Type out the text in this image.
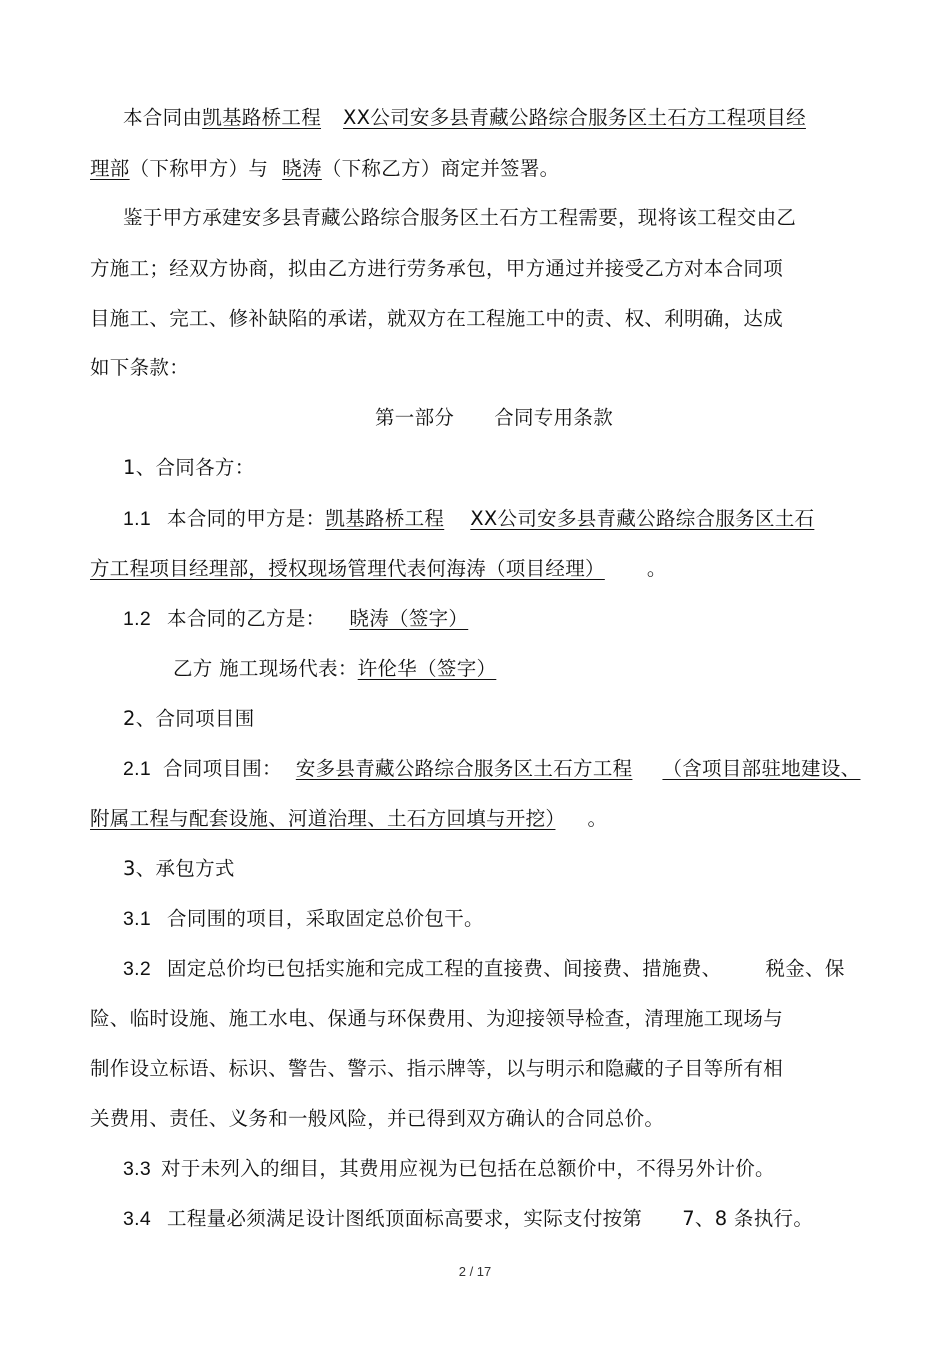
本合同由凯基路桥工程 XX公司安多县青藏公路综合服务区土石方工程项目经
理部（下称甲方）与 晓涛（下称乙方）商定并签署。
鉴于甲方承建安多县青藏公路综合服务区土石方工程需要，现将该工程交由乙
方施工；经双方协商，拟由乙方进行劳务承包，甲方通过并接受乙方对本合同项
目施工、完工、修补缺陷的承诺，就双方在工程施工中的责、权、利明确，达成
如下条款：
第一部分 合同专用条款
1、合同各方：
1.1 本合同的甲方是：凯基路桥工程 XX公司安多县青藏公路综合服务区土石
方工程项目经理部，授权现场管理代表何海涛（项目经理） 。
1.2 本合同的乙方是： 晓涛（签字）
乙方 施工现场代表：许伦华（签字）
2、合同项目围
2.1 合同项目围： 安多县青藏公路综合服务区土石方工程 （含项目部驻地建设、
附属工程与配套设施、河道治理、土石方回填与开挖） 。
3、承包方式
3.1 合同围的项目，采取固定总价包干。
3.2 固定总价均已包括实施和完成工程的直接费、间接费、措施费、 税金、保
险、临时设施、施工水电、保通与环保费用、为迎接领导检查，清理施工现场与
制作设立标语、标识、警告、警示、指示牌等，以与明示和隐藏的子目等所有相
关费用、责任、义务和一般风险，并已得到双方确认的合同总价。
3.3 对于未列入的细目，其费用应视为已包括在总额价中，不得另外计价。
3.4 工程量必须满足设计图纸顶面标高要求，实际支付按第 7、8 条执行。
2 / 17
